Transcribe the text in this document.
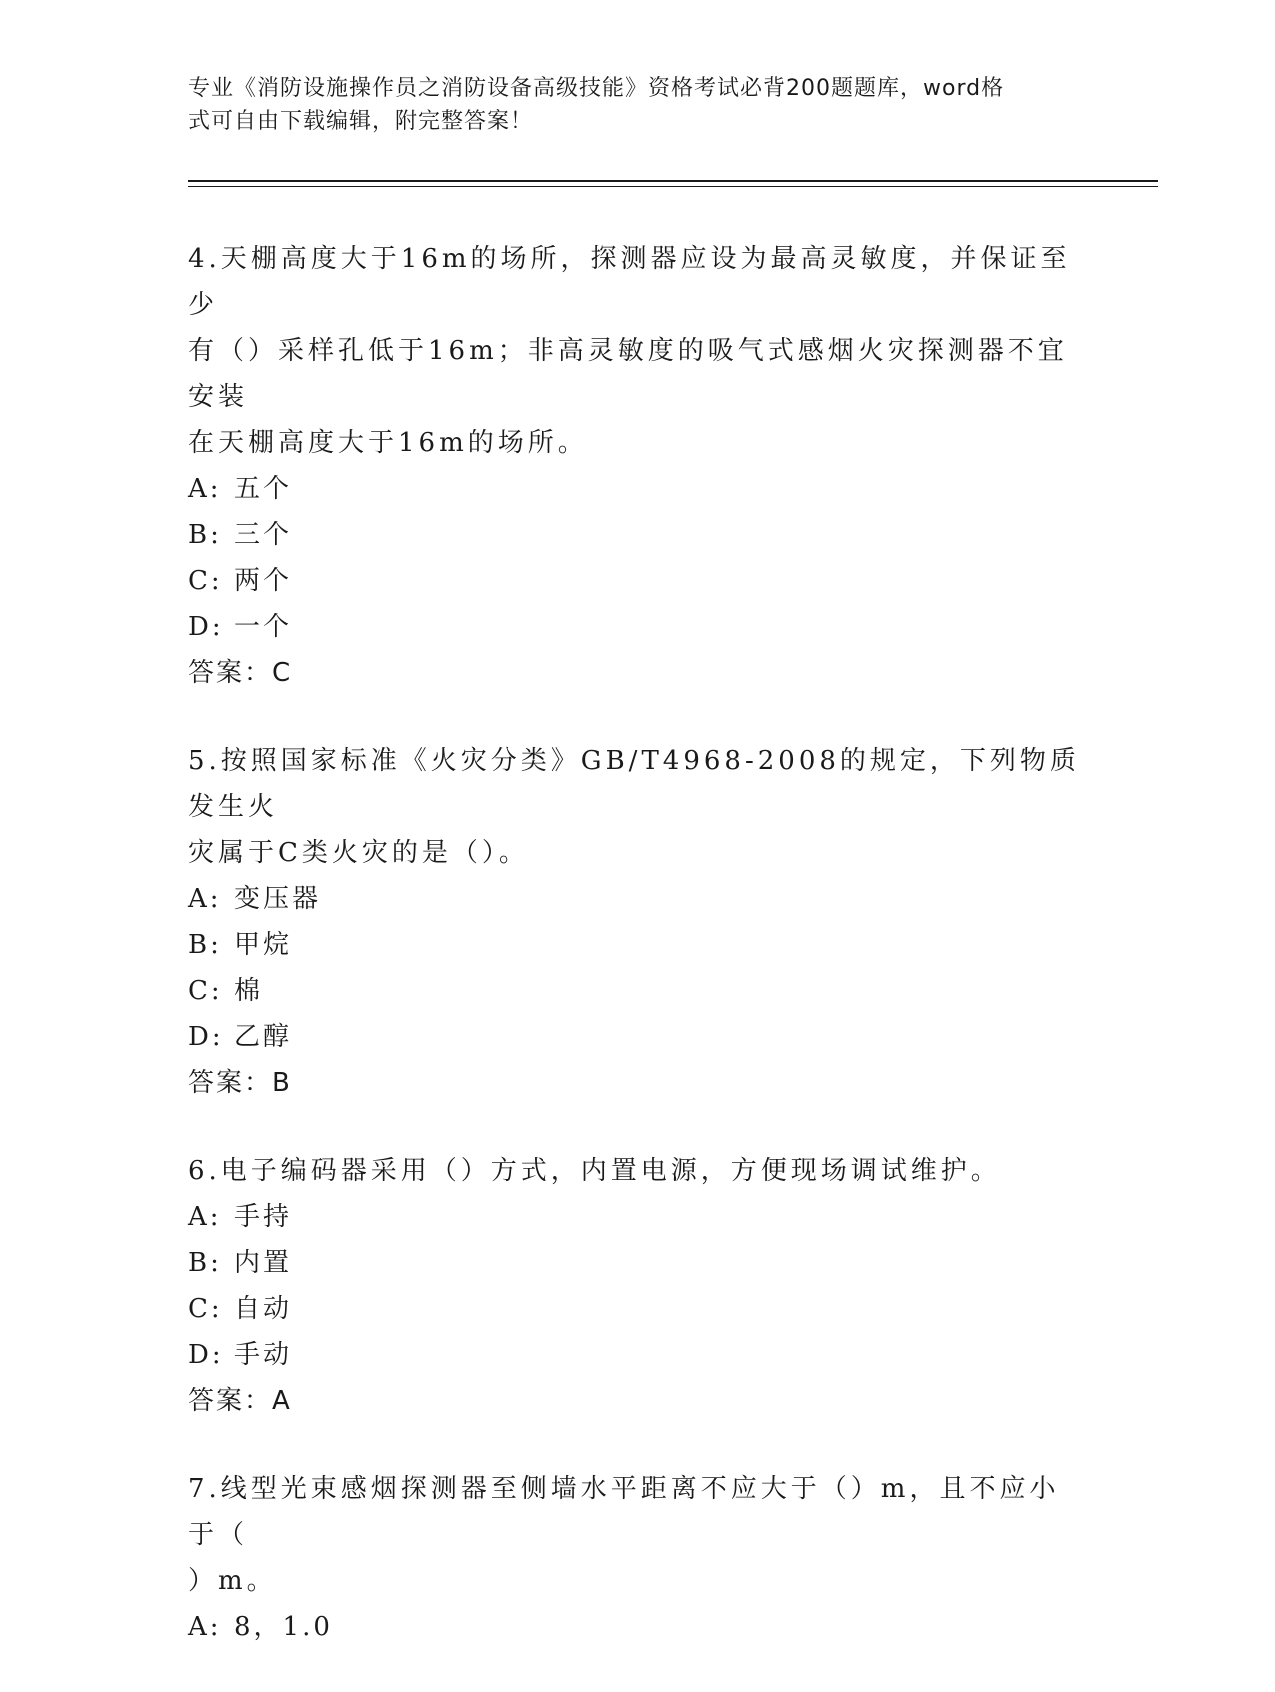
专业《消防设施操作员之消防设备高级技能》资格考试必背200题题库，word格
式可自由下载编辑，附完整答案！
4.天棚高度大于16m的场所，探测器应设为最高灵敏度，并保证至少
有（）采样孔低于16m；非高灵敏度的吸气式感烟火灾探测器不宜安装
在天棚高度大于16m的场所。
A: 五个
B: 三个
C: 两个
D: 一个
答案：C
5.按照国家标准《火灾分类》GB/T4968-2008的规定，下列物质发生火
灾属于C类火灾的是（）。
A: 变压器
B: 甲烷
C: 棉
D: 乙醇
答案：B
6.电子编码器采用（）方式，内置电源，方便现场调试维护。
A: 手持
B: 内置
C: 自动
D: 手动
答案：A
7.线型光束感烟探测器至侧墙水平距离不应大于（）m，且不应小于（
）m。
A: 8，1.0
